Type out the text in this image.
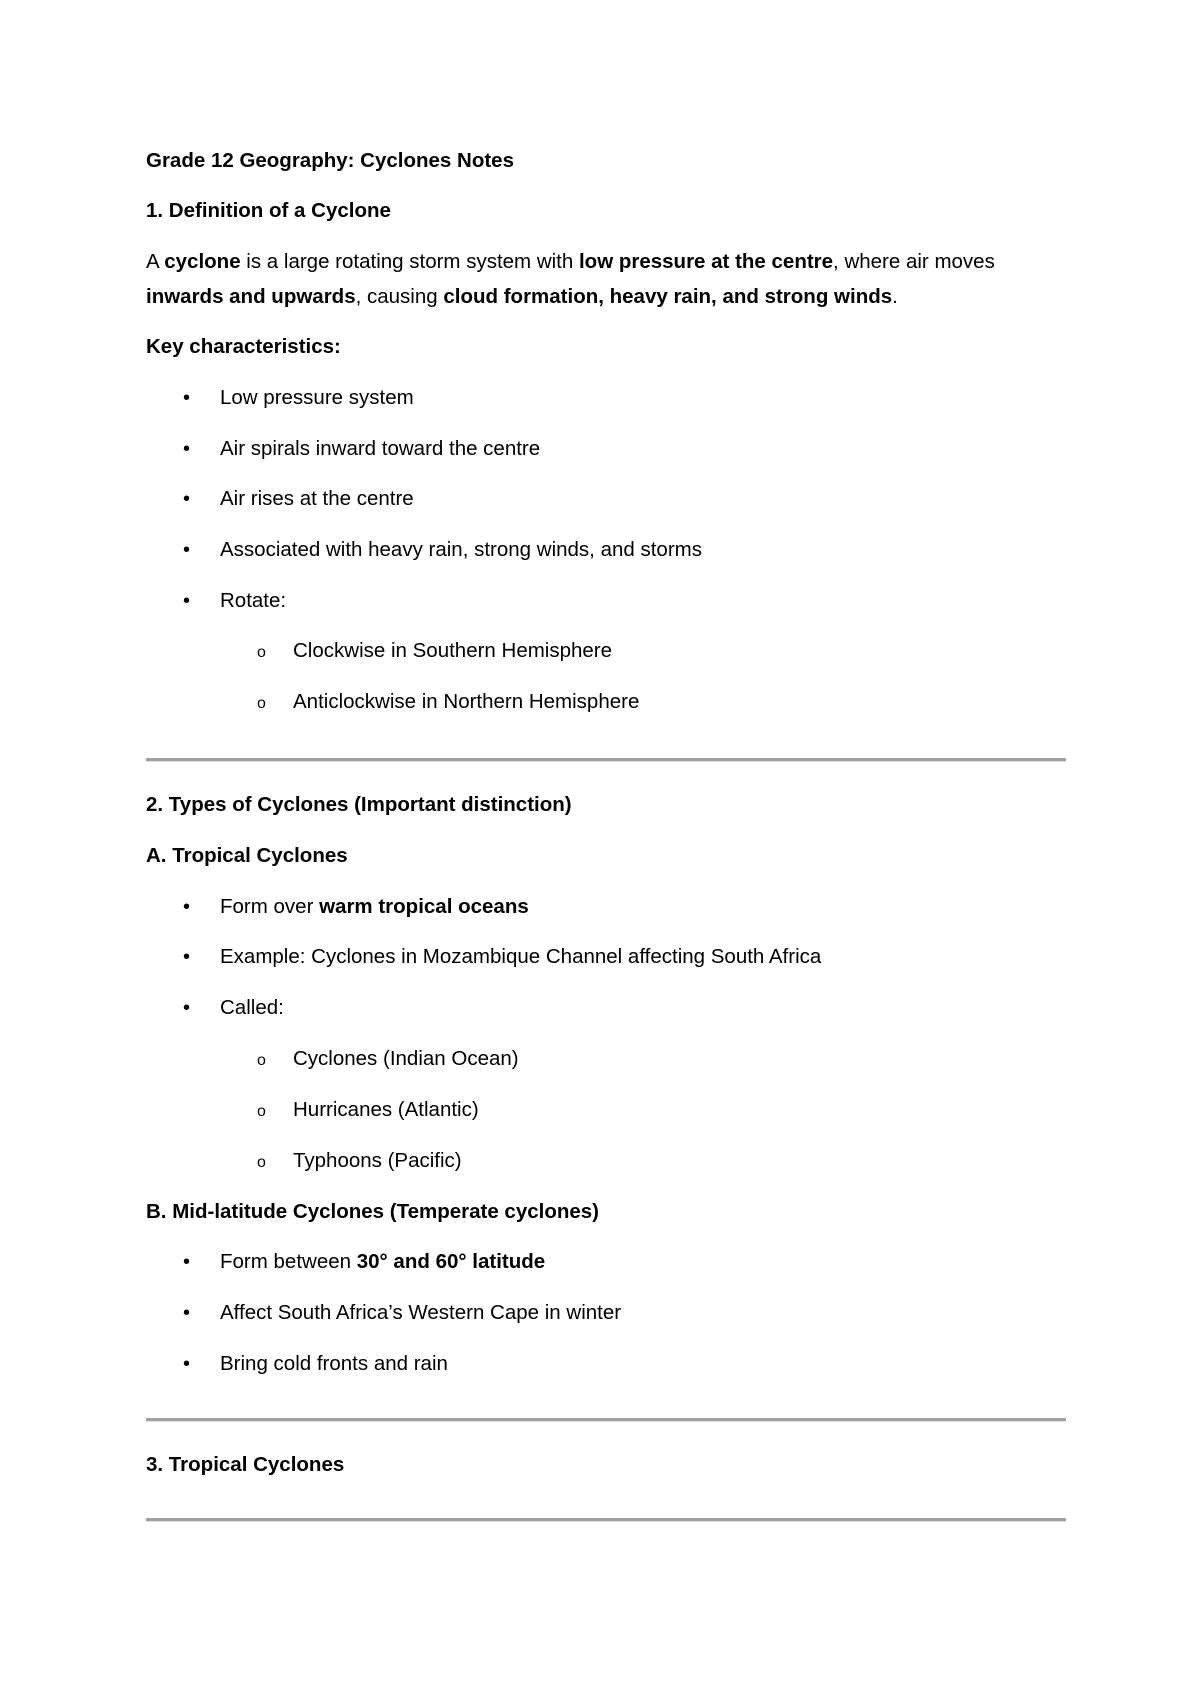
Grade 12 Geography: Cyclones Notes
1. Definition of a Cyclone
A cyclone is a large rotating storm system with low pressure at the centre, where air moves
inwards and upwards, causing cloud formation, heavy rain, and strong winds.
Key characteristics:
• Low pressure system
• Air spirals inward toward the centre
• Air rises at the centre
• Associated with heavy rain, strong winds, and storms
• Rotate:
o Clockwise in Southern Hemisphere
o Anticlockwise in Northern Hemisphere
2. Types of Cyclones (Important distinction)
A. Tropical Cyclones
• Form over warm tropical oceans
• Example: Cyclones in Mozambique Channel affecting South Africa
• Called:
o Cyclones (Indian Ocean)
o Hurricanes (Atlantic)
o Typhoons (Pacific)
B. Mid-latitude Cyclones (Temperate cyclones)
• Form between 30° and 60° latitude
• Affect South Africa’s Western Cape in winter
• Bring cold fronts and rain
3. Tropical Cyclones
